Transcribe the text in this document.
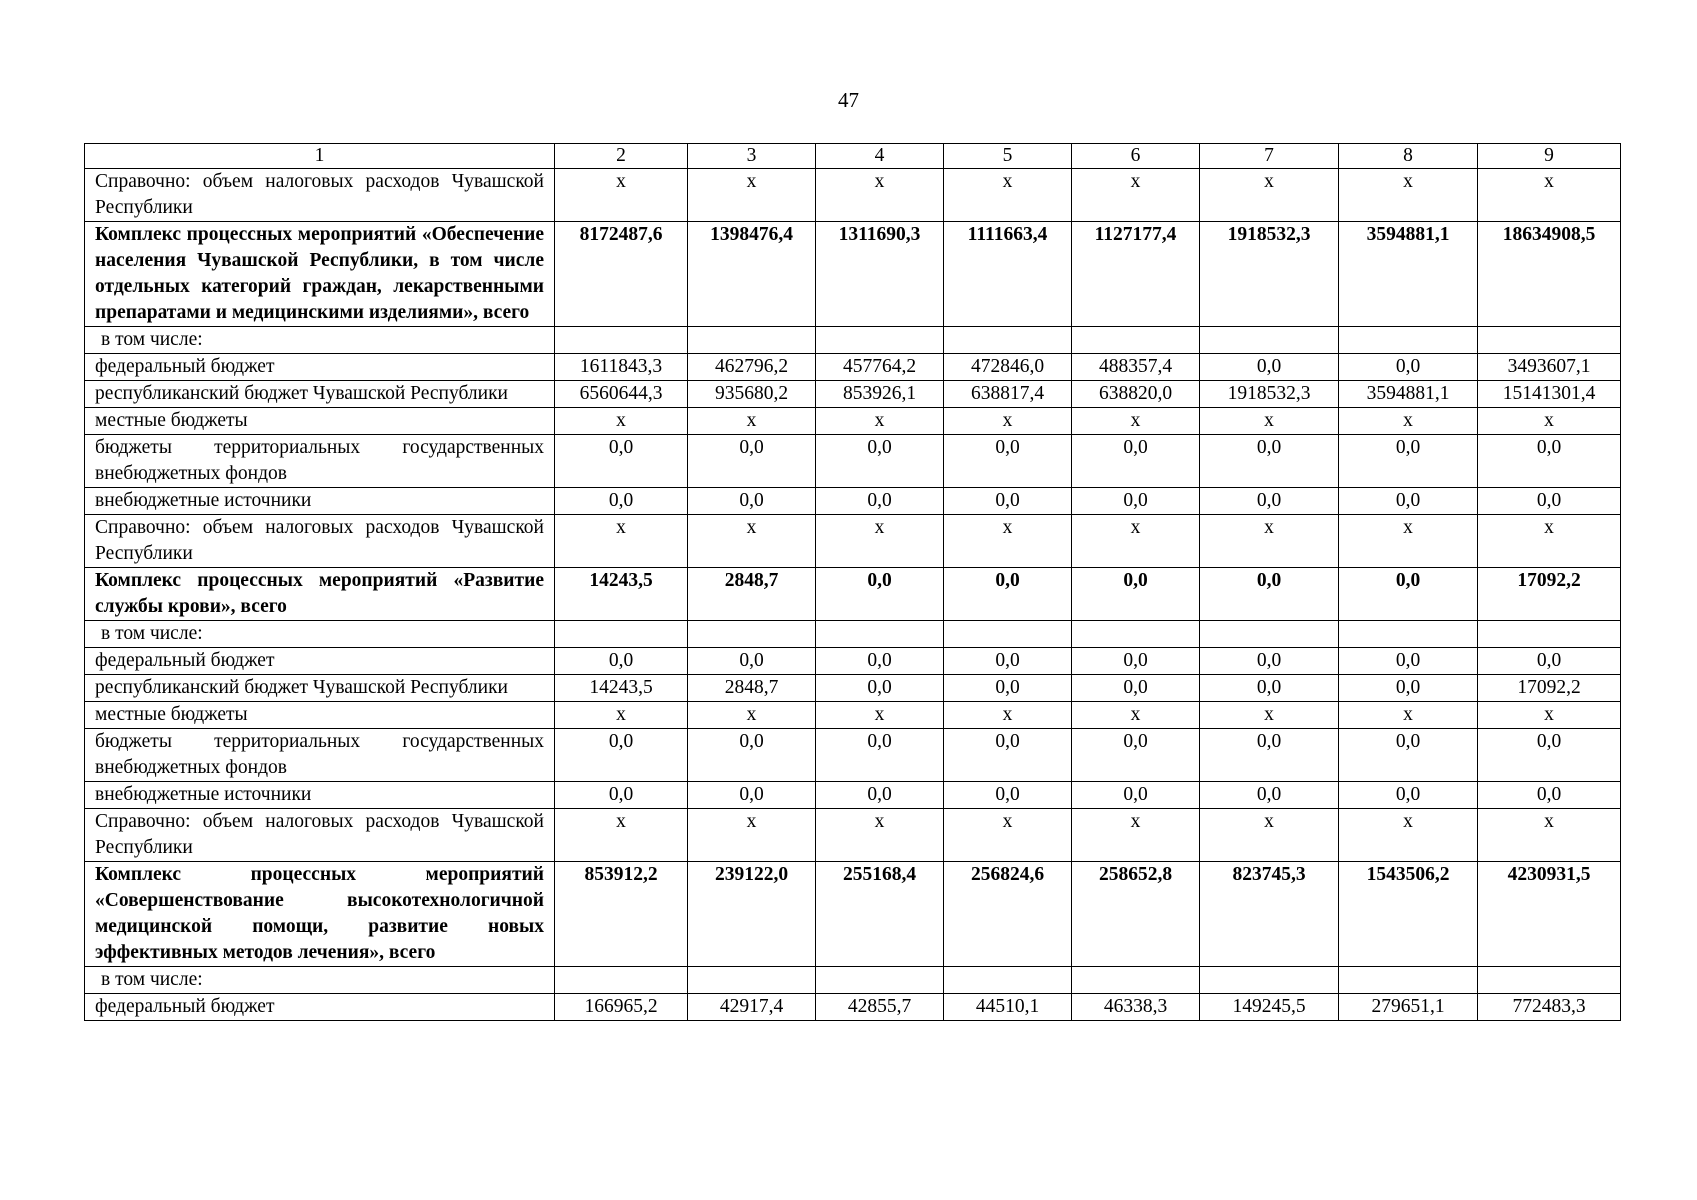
47
1	2	3	4	5	6	7	8	9
Справочно: объем налоговых расходов Чувашской Республики	x	x	x	x	x	x	x	x
Комплекс процессных мероприятий «Обеспечение населения Чувашской Республики, в том числе отдельных категорий граждан, лекарственными препаратами и медицинскими изделиями», всего	8172487,6	1398476,4	1311690,3	1111663,4	1127177,4	1918532,3	3594881,1	18634908,5
в том числе:								
федеральный бюджет	1611843,3	462796,2	457764,2	472846,0	488357,4	0,0	0,0	3493607,1
республиканский бюджет Чувашской Республики	6560644,3	935680,2	853926,1	638817,4	638820,0	1918532,3	3594881,1	15141301,4
местные бюджеты	x	x	x	x	x	x	x	x
бюджеты территориальных государственных внебюджетных фондов	0,0	0,0	0,0	0,0	0,0	0,0	0,0	0,0
внебюджетные источники	0,0	0,0	0,0	0,0	0,0	0,0	0,0	0,0
Справочно: объем налоговых расходов Чувашской Республики	x	x	x	x	x	x	x	x
Комплекс процессных мероприятий «Развитие службы крови», всего	14243,5	2848,7	0,0	0,0	0,0	0,0	0,0	17092,2
в том числе:								
федеральный бюджет	0,0	0,0	0,0	0,0	0,0	0,0	0,0	0,0
республиканский бюджет Чувашской Республики	14243,5	2848,7	0,0	0,0	0,0	0,0	0,0	17092,2
местные бюджеты	x	x	x	x	x	x	x	x
бюджеты территориальных государственных внебюджетных фондов	0,0	0,0	0,0	0,0	0,0	0,0	0,0	0,0
внебюджетные источники	0,0	0,0	0,0	0,0	0,0	0,0	0,0	0,0
Справочно: объем налоговых расходов Чувашской Республики	x	x	x	x	x	x	x	x
Комплекс процессных мероприятий «Совершенствование высокотехнологичной медицинской помощи, развитие новых эффективных методов лечения», всего	853912,2	239122,0	255168,4	256824,6	258652,8	823745,3	1543506,2	4230931,5
в том числе:								
федеральный бюджет	166965,2	42917,4	42855,7	44510,1	46338,3	149245,5	279651,1	772483,3
